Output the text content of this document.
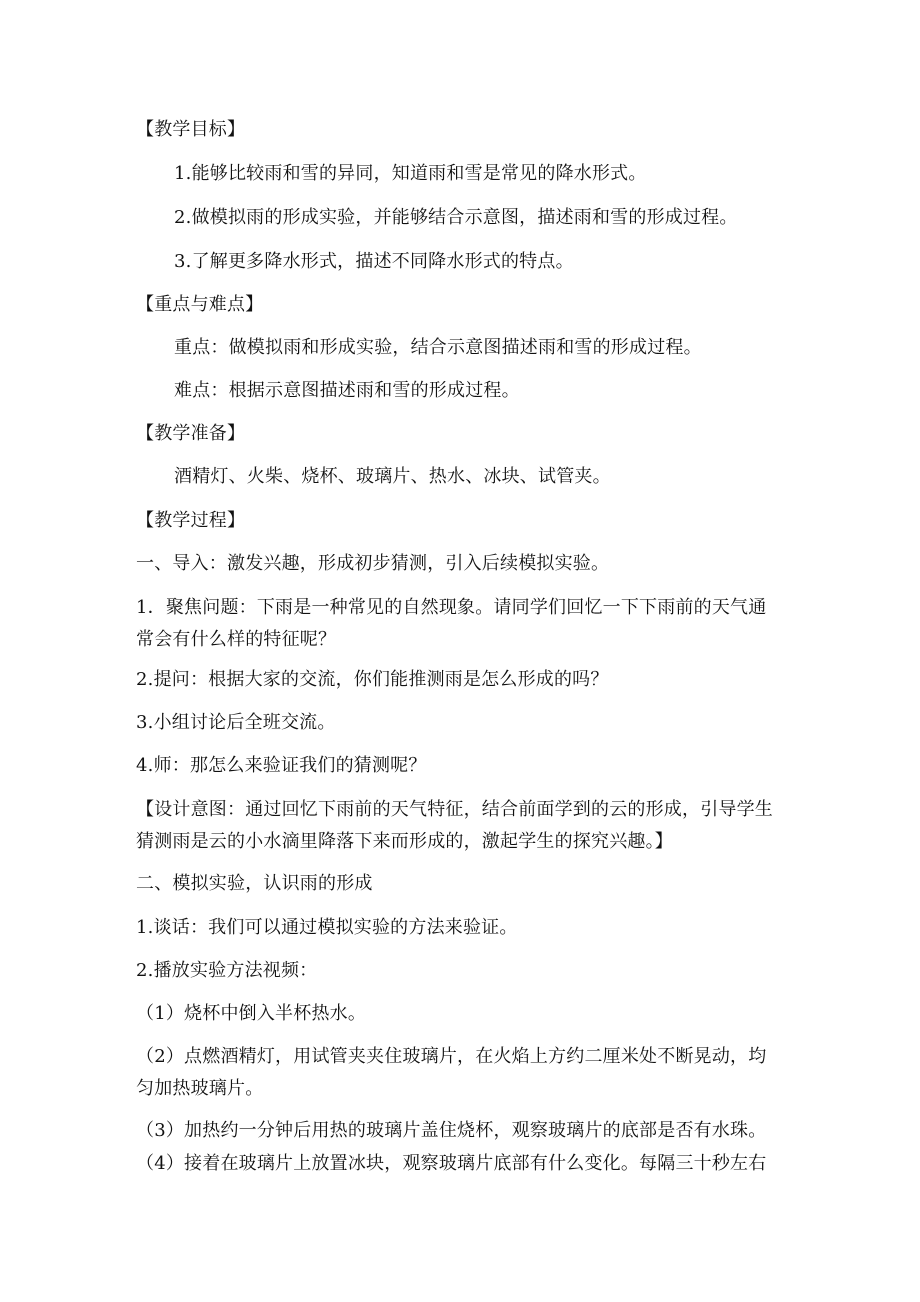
【教学目标】
1.能够比较雨和雪的异同，知道雨和雪是常见的降水形式。
2.做模拟雨的形成实验，并能够结合示意图，描述雨和雪的形成过程。
3.了解更多降水形式，描述不同降水形式的特点。
【重点与难点】
重点：做模拟雨和形成实验，结合示意图描述雨和雪的形成过程。
难点：根据示意图描述雨和雪的形成过程。
【教学准备】
酒精灯、火柴、烧杯、玻璃片、热水、冰块、试管夹。
【教学过程】
一、导入：激发兴趣，形成初步猜测，引入后续模拟实验。
1．聚焦问题：下雨是一种常见的自然现象。请同学们回忆一下下雨前的天气通常会有什么样的特征呢？
2.提问：根据大家的交流，你们能推测雨是怎么形成的吗？
3.小组讨论后全班交流。
4.师：那怎么来验证我们的猜测呢？
【设计意图：通过回忆下雨前的天气特征，结合前面学到的云的形成，引导学生猜测雨是云的小水滴里降落下来而形成的，激起学生的探究兴趣。】
二、模拟实验，认识雨的形成
1.谈话：我们可以通过模拟实验的方法来验证。
2.播放实验方法视频：
（1）烧杯中倒入半杯热水。
（2）点燃酒精灯，用试管夹夹住玻璃片，在火焰上方约二厘米处不断晃动，均匀加热玻璃片。
（3）加热约一分钟后用热的玻璃片盖住烧杯，观察玻璃片的底部是否有水珠。
（4）接着在玻璃片上放置冰块，观察玻璃片底部有什么变化。每隔三十秒左右
